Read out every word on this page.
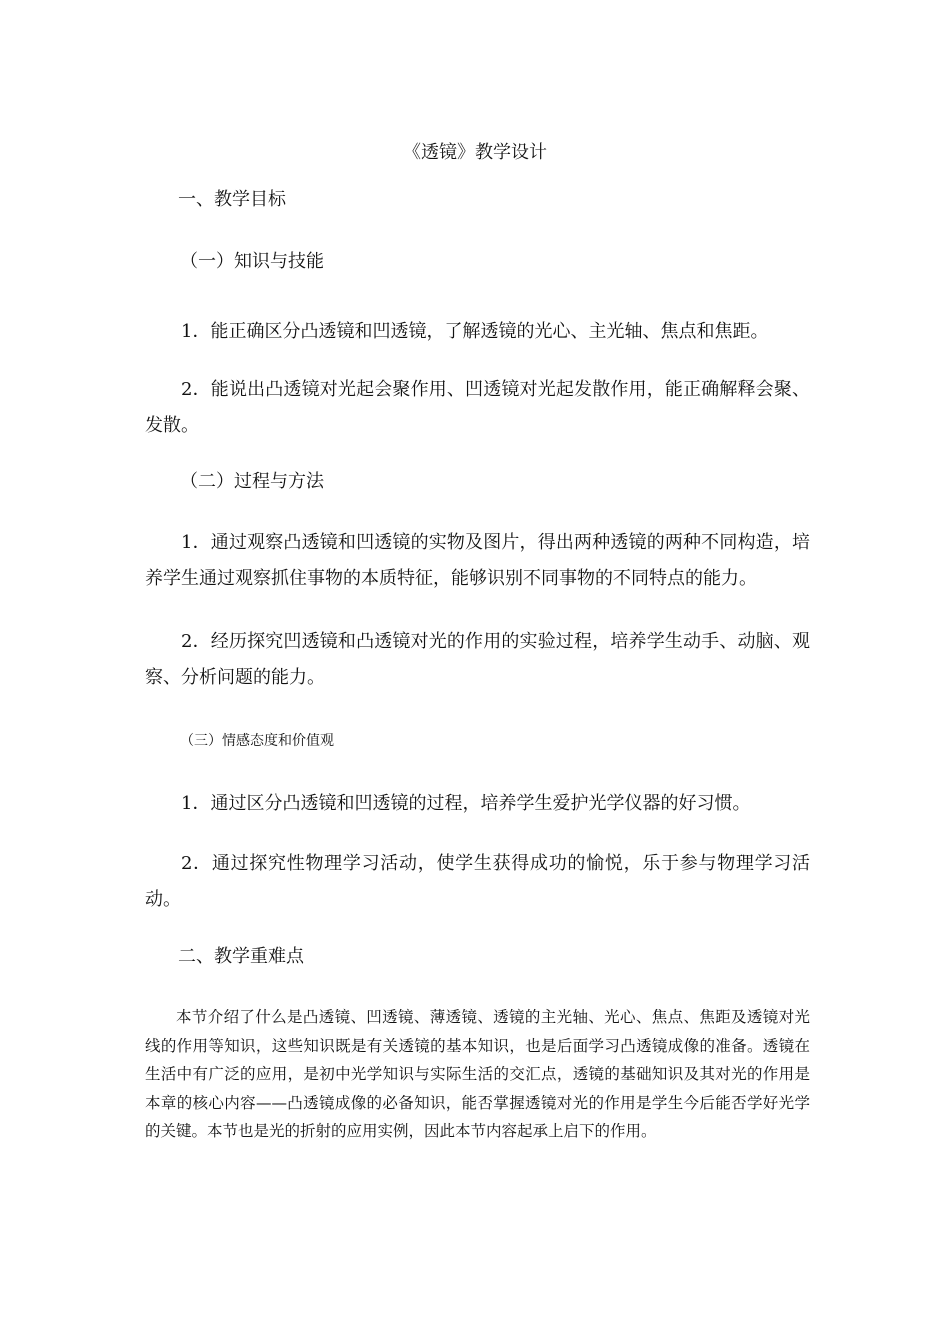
《透镜》教学设计
一、教学目标
（一）知识与技能

1．能正确区分凸透镜和凹透镜，了解透镜的光心、主光轴、焦点和焦距。

2．能说出凸透镜对光起会聚作用、凹透镜对光起发散作用，能正确解释会聚、发散。

（二）过程与方法

1．通过观察凸透镜和凹透镜的实物及图片，得出两种透镜的两种不同构造，培养学生通过观察抓住事物的本质特征，能够识别不同事物的不同特点的能力。

2．经历探究凹透镜和凸透镜对光的作用的实验过程，培养学生动手、动脑、观察、分析问题的能力。

（三）情感态度和价值观

1．通过区分凸透镜和凹透镜的过程，培养学生爱护光学仪器的好习惯。

2．通过探究性物理学习活动，使学生获得成功的愉悦，乐于参与物理学习活动。

二、教学重难点

本节介绍了什么是凸透镜、凹透镜、薄透镜、透镜的主光轴、光心、焦点、焦距及透镜对光线的作用等知识，这些知识既是有关透镜的基本知识，也是后面学习凸透镜成像的准备。透镜在生活中有广泛的应用，是初中光学知识与实际生活的交汇点，透镜的基础知识及其对光的作用是本章的核心内容——凸透镜成像的必备知识，能否掌握透镜对光的作用是学生今后能否学好光学的关键。本节也是光的折射的应用实例，因此本节内容起承上启下的作用。
